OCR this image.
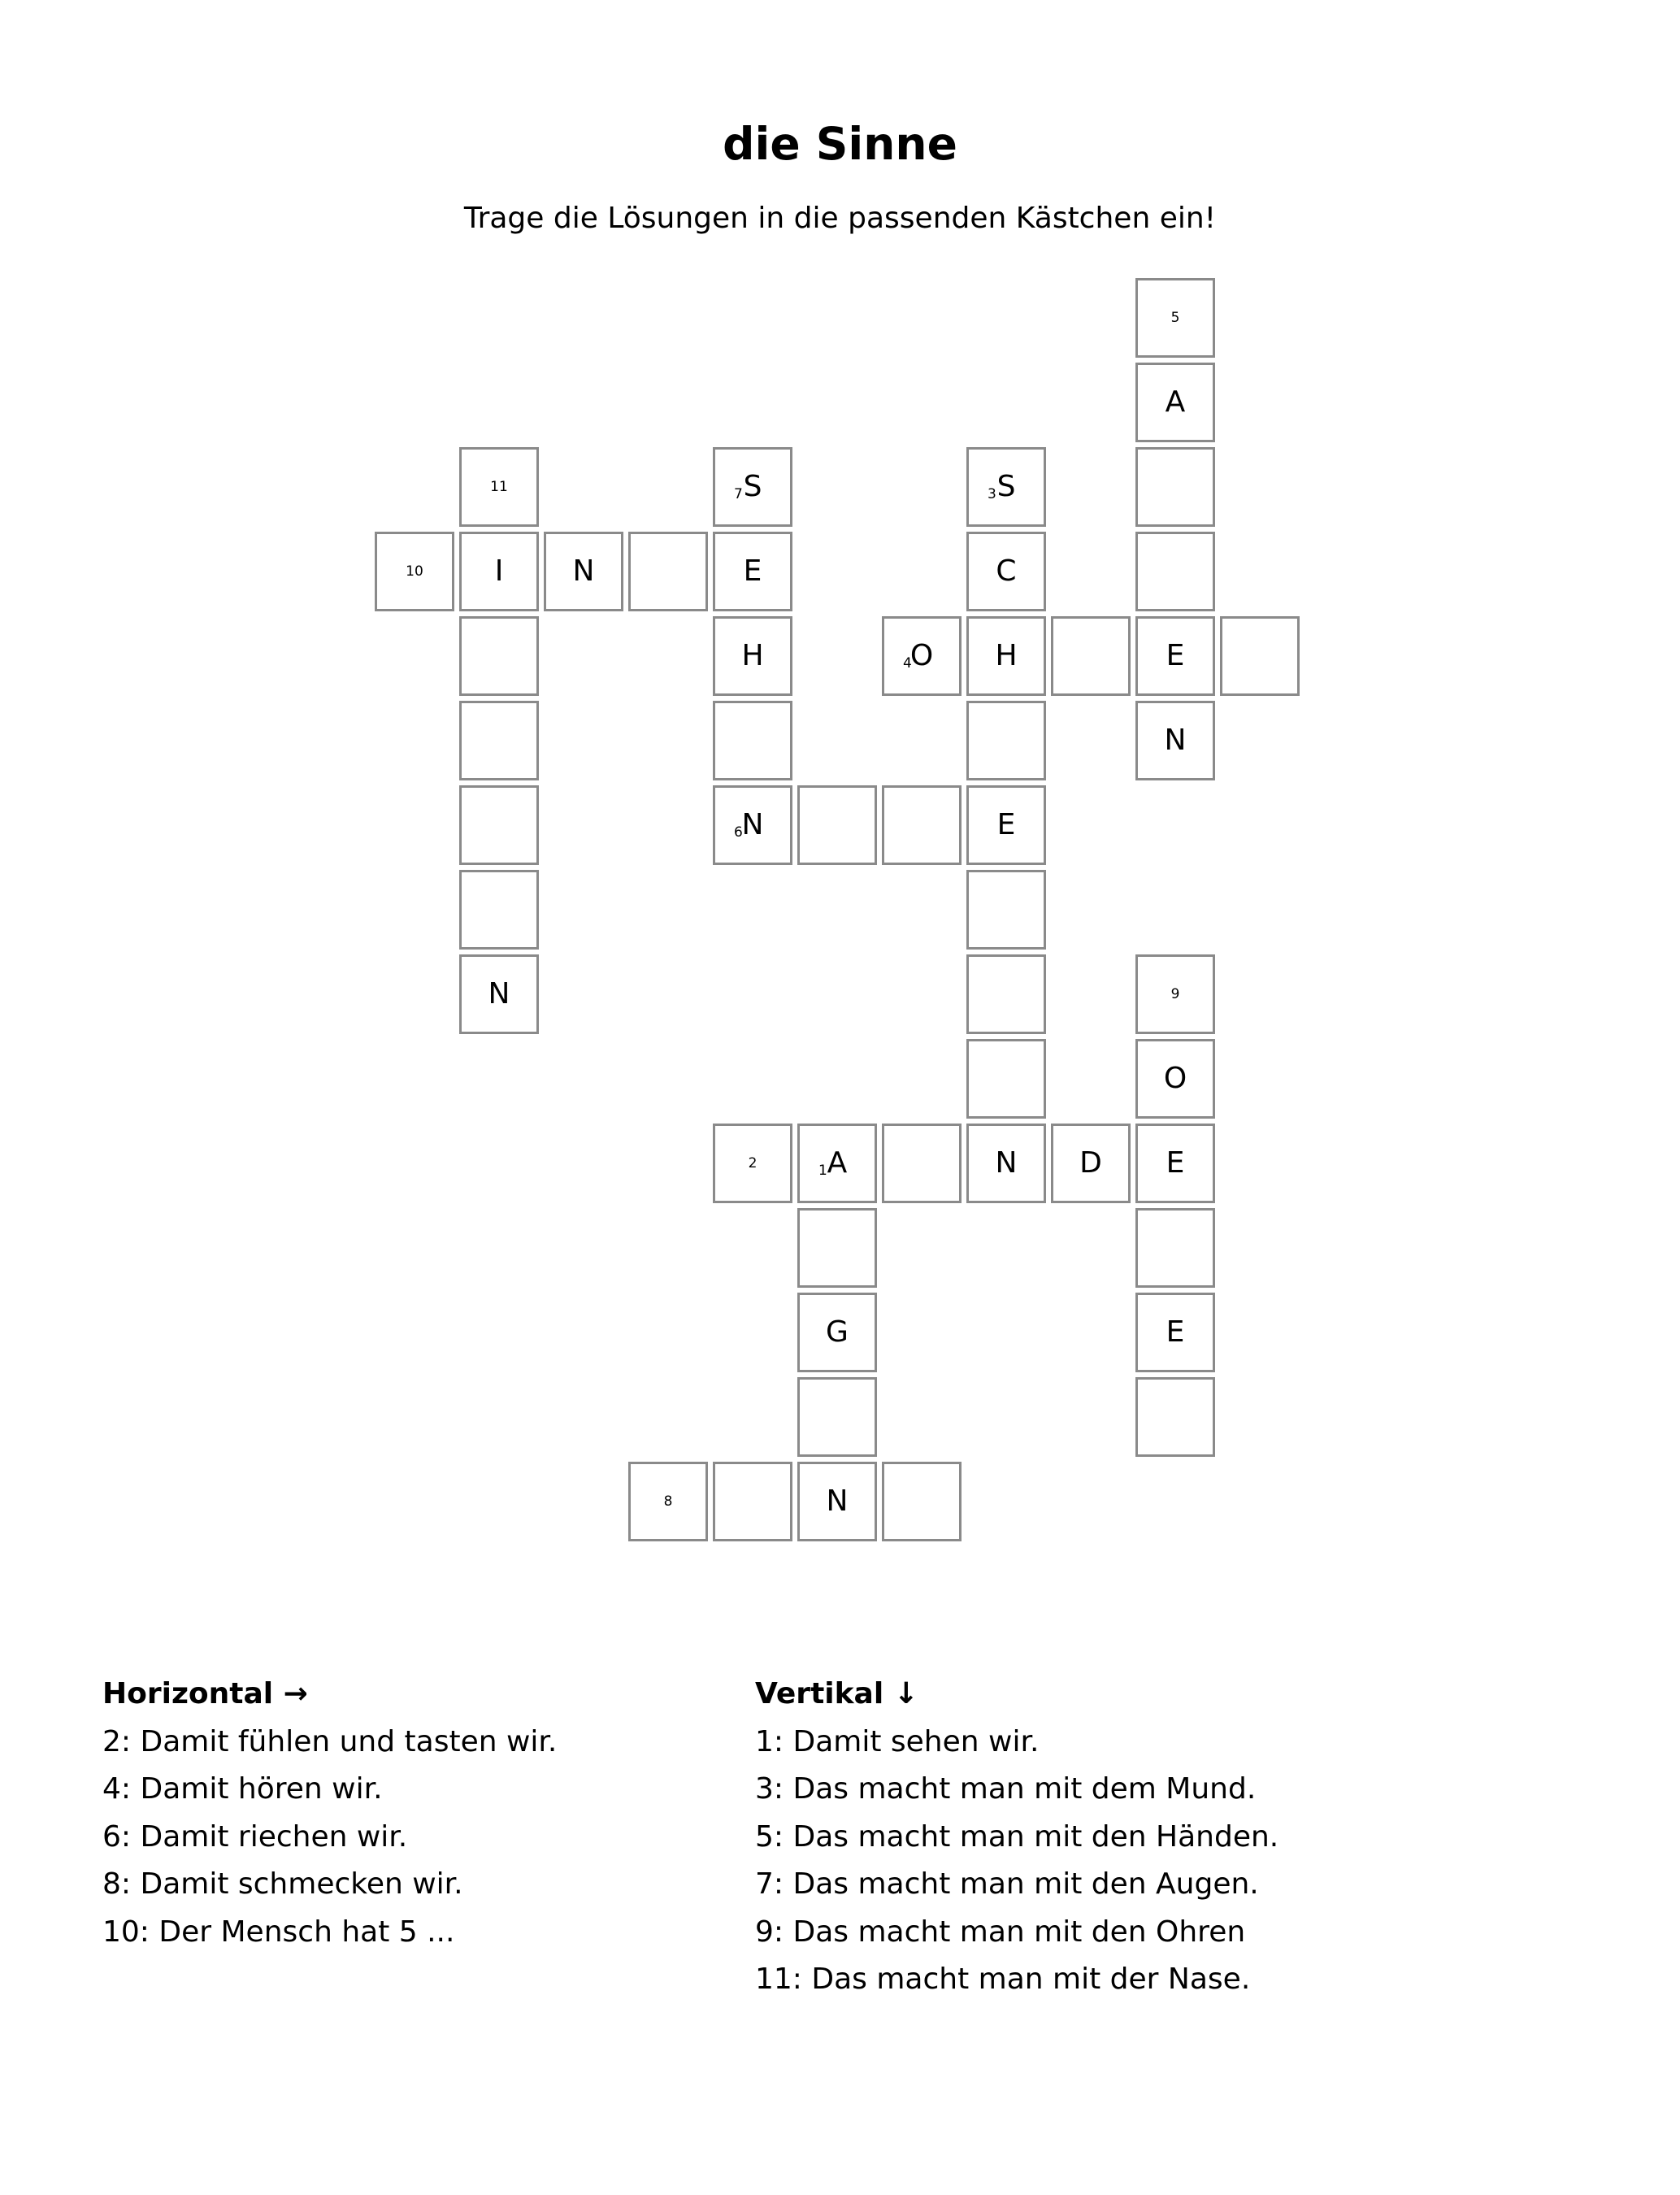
die Sinne
Trage die Lösungen in die passenden Kästchen ein!
5
A
11	7 S	3 S
10	I	N	E	C
H	4
O	H	E
N
6
N	E
N	9
O
2	1 A	N	D	E
G	E
8	N
Horizontal →
2: Damit fühlen und tasten wir.
4: Damit hören wir.
6: Damit riechen wir.
8: Damit schmecken wir.
10: Der Mensch hat 5 ...
Vertikal ↓
1: Damit sehen wir.
3: Das macht man mit dem Mund.
5: Das macht man mit den Händen.
7: Das macht man mit den Augen.
9: Das macht man mit den Ohren
11: Das macht man mit der Nase.
